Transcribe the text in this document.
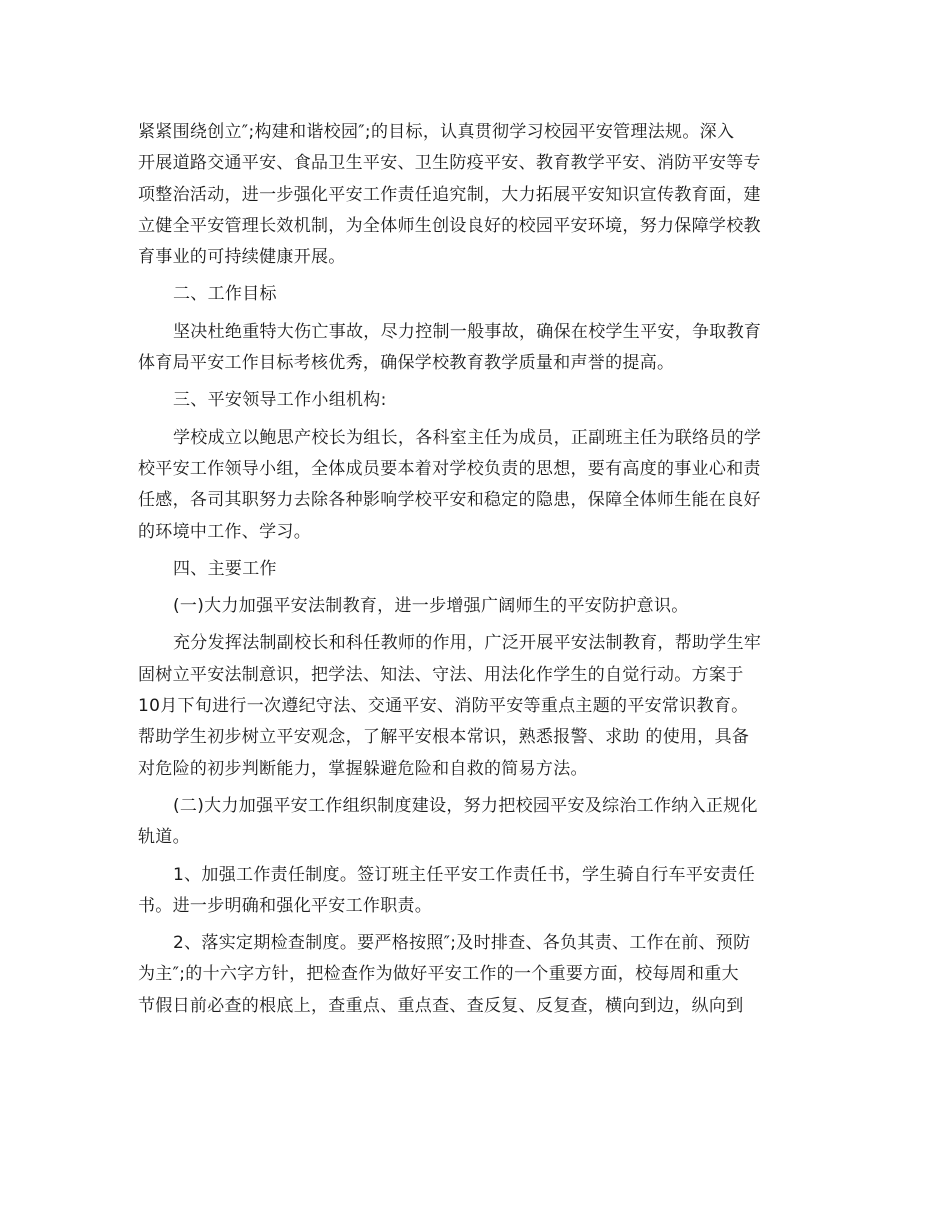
紧紧围绕创立″;构建和谐校园″;的目标，认真贯彻学习校园平安管理法规。深入
开展道路交通平安、食品卫生平安、卫生防疫平安、教育教学平安、消防平安等专
项整治活动，进一步强化平安工作责任追究制，大力拓展平安知识宣传教育面，建
立健全平安管理长效机制，为全体师生创设良好的校园平安环境，努力保障学校教
育事业的可持续健康开展。
二、工作目标
坚决杜绝重特大伤亡事故，尽力控制一般事故，确保在校学生平安，争取教育
体育局平安工作目标考核优秀，确保学校教育教学质量和声誉的提高。
三、平安领导工作小组机构:
学校成立以鲍思产校长为组长，各科室主任为成员，正副班主任为联络员的学
校平安工作领导小组，全体成员要本着对学校负责的思想，要有高度的事业心和责
任感，各司其职努力去除各种影响学校平安和稳定的隐患，保障全体师生能在良好
的环境中工作、学习。
四、主要工作
(一)大力加强平安法制教育，进一步增强广阔师生的平安防护意识。
充分发挥法制副校长和科任教师的作用，广泛开展平安法制教育，帮助学生牢
固树立平安法制意识，把学法、知法、守法、用法化作学生的自觉行动。方案于
10月下旬进行一次遵纪守法、交通平安、消防平安等重点主题的平安常识教育。
帮助学生初步树立平安观念，了解平安根本常识，熟悉报警、求助 的使用，具备
对危险的初步判断能力，掌握躲避危险和自救的简易方法。
(二)大力加强平安工作组织制度建设，努力把校园平安及综治工作纳入正规化
轨道。
1、加强工作责任制度。签订班主任平安工作责任书，学生骑自行车平安责任
书。进一步明确和强化平安工作职责。
2、落实定期检查制度。要严格按照″;及时排查、各负其责、工作在前、预防
为主″;的十六字方针，把检查作为做好平安工作的一个重要方面，校每周和重大
节假日前必查的根底上，查重点、重点查、查反复、反复查，横向到边，纵向到
